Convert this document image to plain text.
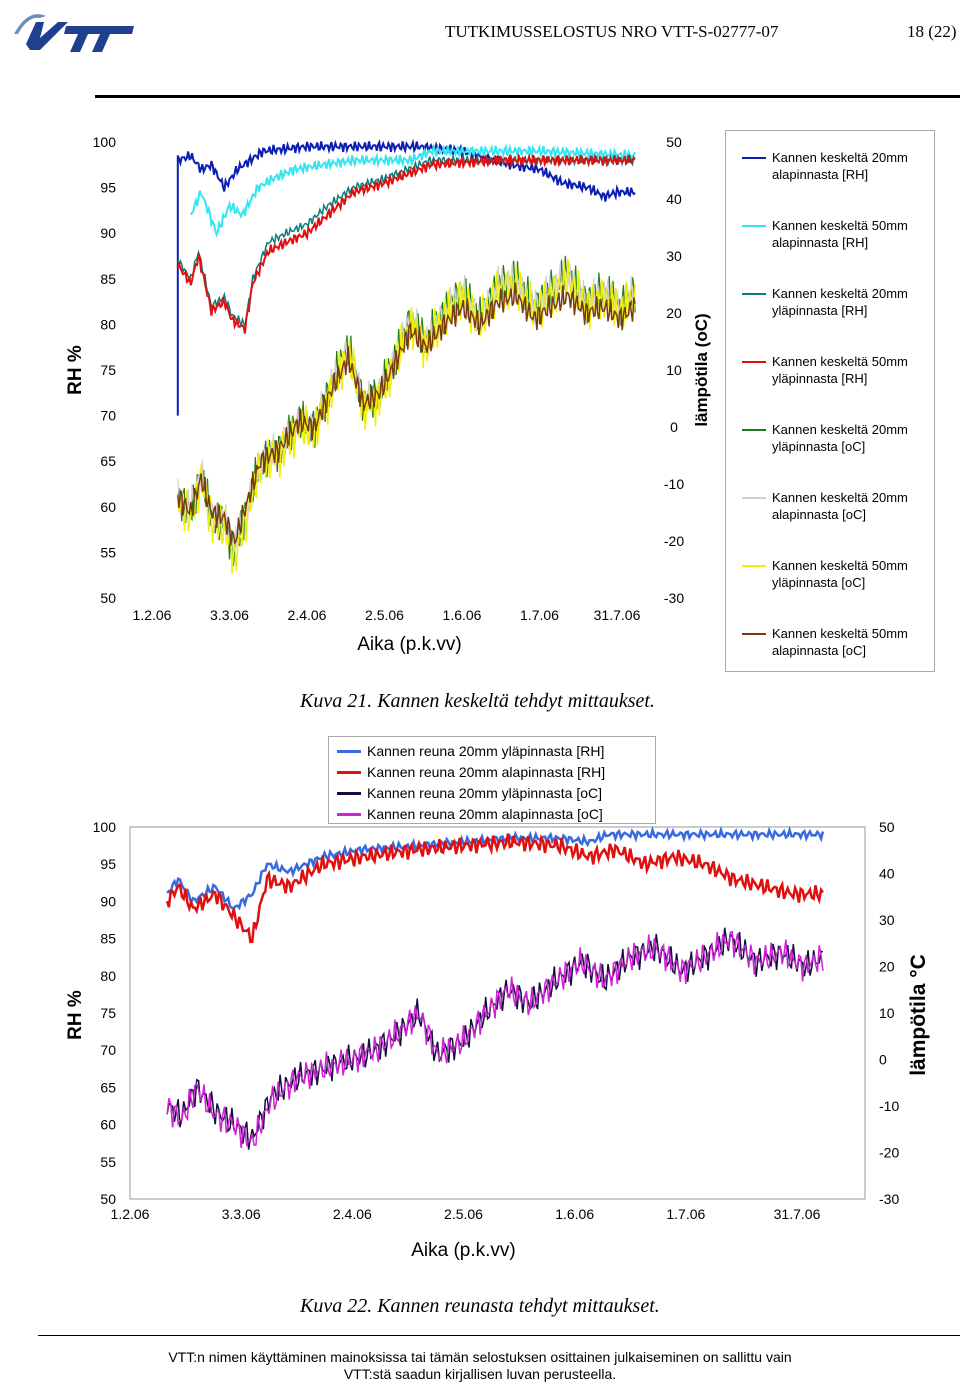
TUTKIMUSSELOSTUS NRO VTT-S-02777-07	18 (22)
100
95
90
85
80
75
70
65
60
55
50
50
40
30
20
10
0
-10
-20
-30
1.2.06	3.3.06	2.4.06	2.5.06	1.6.06	1.7.06 31.7.06
RH %	lämpötila (oC)
Aika (p.k.vv)
Kannen keskeltä 20mm alapinnasta [RH]
Kannen keskeltä 50mm alapinnasta [RH]
Kannen keskeltä 20mm yläpinnasta [RH]
Kannen keskeltä 50mm yläpinnasta [RH]
Kannen keskeltä 20mm yläpinnasta [oC]
Kannen keskeltä 20mm alapinnasta [oC]
Kannen keskeltä 50mm yläpinnasta [oC]
Kannen keskeltä 50mm alapinnasta [oC]
Kuva 21. Kannen keskeltä tehdyt mittaukset.
100
95
90
85
80
75
70
65
60
55
50
50
40
30
20
10
0
-10
-20
-30
1.2.06	3.3.06	2.4.06	2.5.06	1.6.06	1.7.06	31.7.06
RH %	lämpötila °C
Aika (p.k.vv)
Kannen reuna 20mm yläpinnasta [RH]
Kannen reuna 20mm alapinnasta [RH]
Kannen reuna 20mm yläpinnasta [oC]
Kannen reuna 20mm alapinnasta [oC]
Kuva 22. Kannen reunasta tehdyt mittaukset.
VTT:n nimen käyttäminen mainoksissa tai tämän selostuksen osittainen julkaiseminen on sallittu vain
VTT:stä saadun kirjallisen luvan perusteella.
